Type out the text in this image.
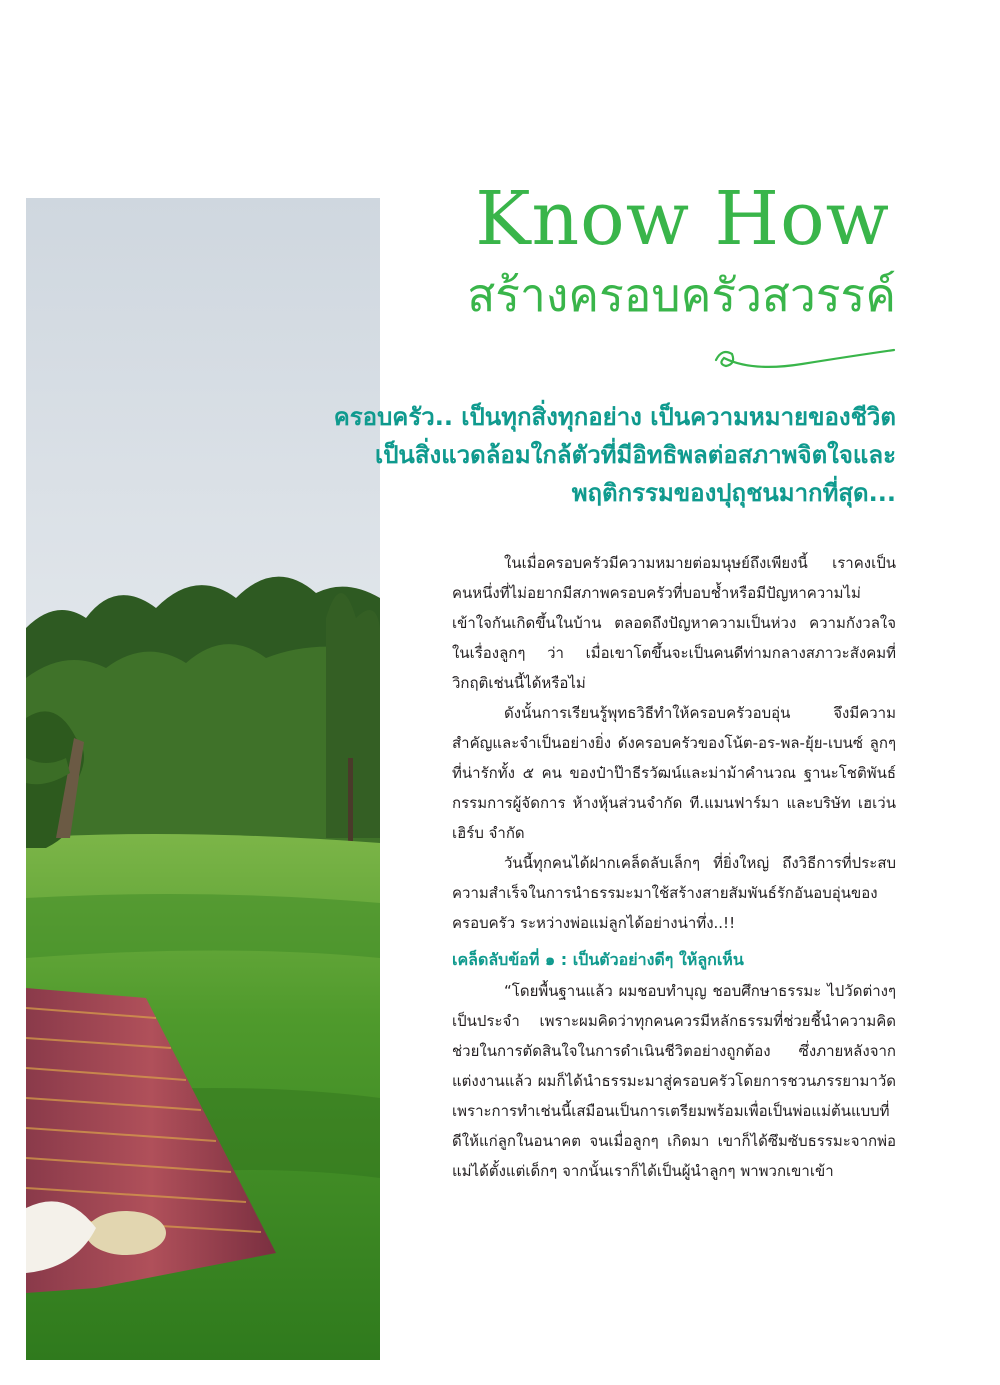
Know How
สร้างครอบครัวสวรรค์
ครอบครัว.. เป็นทุกสิ่งทุกอย่าง เป็นความหมายของชีวิต
เป็นสิ่งแวดล้อมใกล้ตัวที่มีอิทธิพลต่อสภาพจิตใจและ
พฤติกรรมของปุถุชนมากที่สุด...

ในเมื่อครอบครัวมีความหมายต่อมนุษย์ถึงเพียงนี้ เราคงเป็นคนหนึ่งที่ไม่อยากมีสภาพครอบครัวที่บอบช้ำหรือมีปัญหาความไม่เข้าใจกันเกิดขึ้นในบ้าน ตลอดถึงปัญหาความเป็นห่วง ความกังวลใจในเรื่องลูกๆ ว่า เมื่อเขาโตขึ้นจะเป็นคนดีท่ามกลางสภาวะสังคมที่วิกฤติเช่นนี้ได้หรือไม่

ดังนั้นการเรียนรู้พุทธวิธีทำให้ครอบครัวอบอุ่น จึงมีความสำคัญและจำเป็นอย่างยิ่ง ดังครอบครัวของโน้ต-อร-พล-ยุ้ย-เบนซ์ ลูกๆ ที่น่ารักทั้ง ๕ คน ของป๋าป๊าธีรวัฒน์และม่าม้าคำนวณ ฐานะโชติพันธ์ กรรมการผู้จัดการ ห้างหุ้นส่วนจำกัด ที.แมนฟาร์มา และบริษัท เฮเว่นเฮิร์บ จำกัด

วันนี้ทุกคนได้ฝากเคล็ดลับเล็กๆ ที่ยิ่งใหญ่ ถึงวิธีการที่ประสบความสำเร็จในการนำธรรมะมาใช้สร้างสายสัมพันธ์รักอันอบอุ่นของครอบครัว ระหว่างพ่อแม่ลูกได้อย่างน่าทึ่ง..!!

เคล็ดลับข้อที่ ๑ : เป็นตัวอย่างดีๆ ให้ลูกเห็น

“โดยพื้นฐานแล้ว ผมชอบทำบุญ ชอบศึกษาธรรมะ ไปวัดต่างๆ เป็นประจำ เพราะผมคิดว่าทุกคนควรมีหลักธรรมที่ช่วยชี้นำความคิด ช่วยในการตัดสินใจในการดำเนินชีวิตอย่างถูกต้อง ซึ่งภายหลังจากแต่งงานแล้ว ผมก็ได้นำธรรมะมาสู่ครอบครัวโดยการชวนภรรยามาวัด เพราะการทำเช่นนี้เสมือนเป็นการเตรียมพร้อมเพื่อเป็นพ่อแม่ต้นแบบที่ดีให้แก่ลูกในอนาคต จนเมื่อลูกๆ เกิดมา เขาก็ได้ซึมซับธรรมะจากพ่อแม่ได้ตั้งแต่เด็กๆ จากนั้นเราก็ได้เป็นผู้นำลูกๆ พาพวกเขาเข้า
